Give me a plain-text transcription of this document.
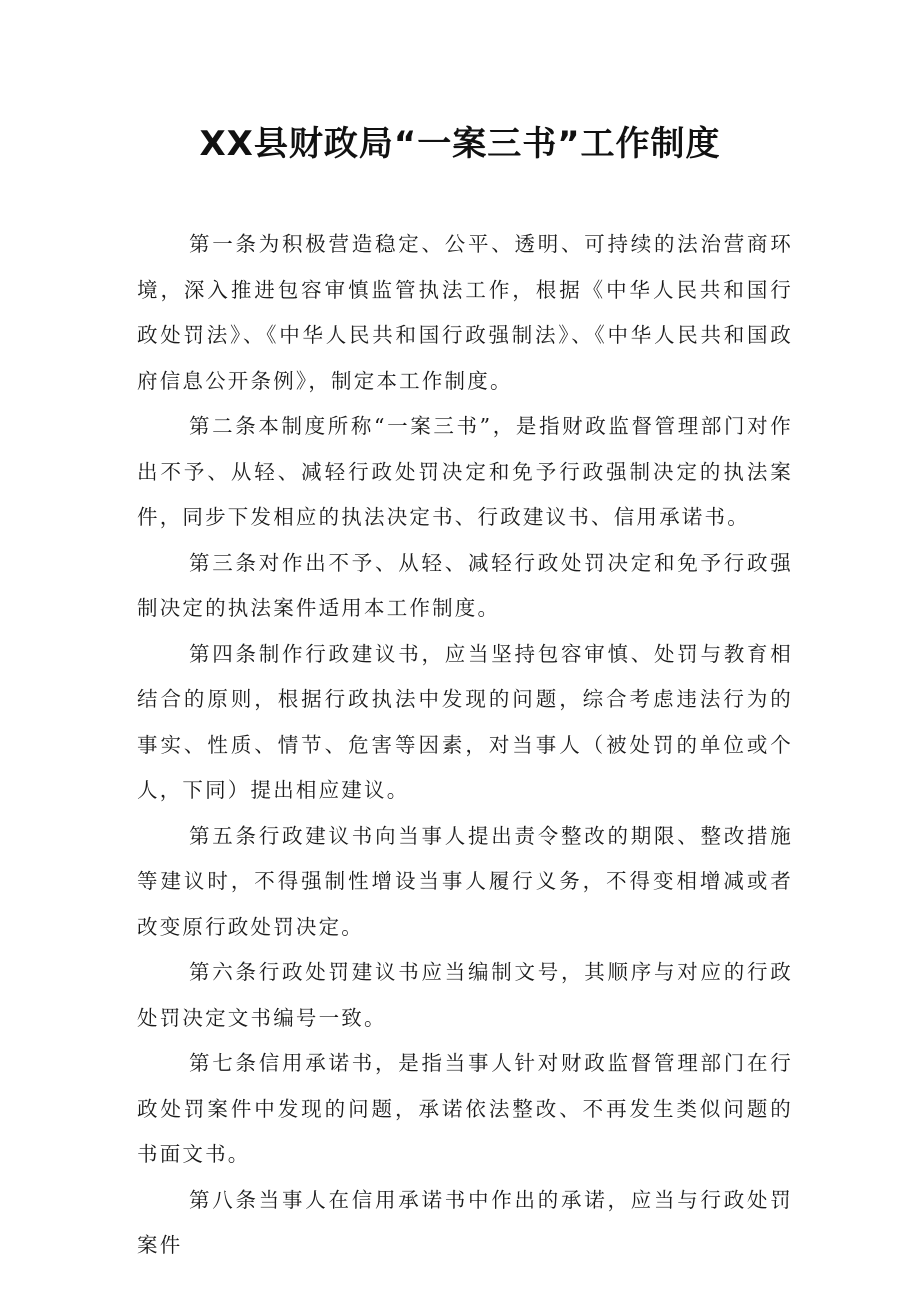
XX县财政局“一案三书”工作制度

第一条为积极营造稳定、公平、透明、可持续的法治营商环境，深入推进包容审慎监管执法工作，根据《中华人民共和国行政处罚法》、《中华人民共和国行政强制法》、《中华人民共和国政府信息公开条例》，制定本工作制度。

第二条本制度所称“一案三书”，是指财政监督管理部门对作出不予、从轻、减轻行政处罚决定和免予行政强制决定的执法案件，同步下发相应的执法决定书、行政建议书、信用承诺书。

第三条对作出不予、从轻、减轻行政处罚决定和免予行政强制决定的执法案件适用本工作制度。

第四条制作行政建议书，应当坚持包容审慎、处罚与教育相结合的原则，根据行政执法中发现的问题，综合考虑违法行为的事实、性质、情节、危害等因素，对当事人（被处罚的单位或个人，下同）提出相应建议。

第五条行政建议书向当事人提出责令整改的期限、整改措施等建议时，不得强制性增设当事人履行义务，不得变相增减或者改变原行政处罚决定。

第六条行政处罚建议书应当编制文号，其顺序与对应的行政处罚决定文书编号一致。

第七条信用承诺书，是指当事人针对财政监督管理部门在行政处罚案件中发现的问题，承诺依法整改、不再发生类似问题的书面文书。

第八条当事人在信用承诺书中作出的承诺，应当与行政处罚案件
